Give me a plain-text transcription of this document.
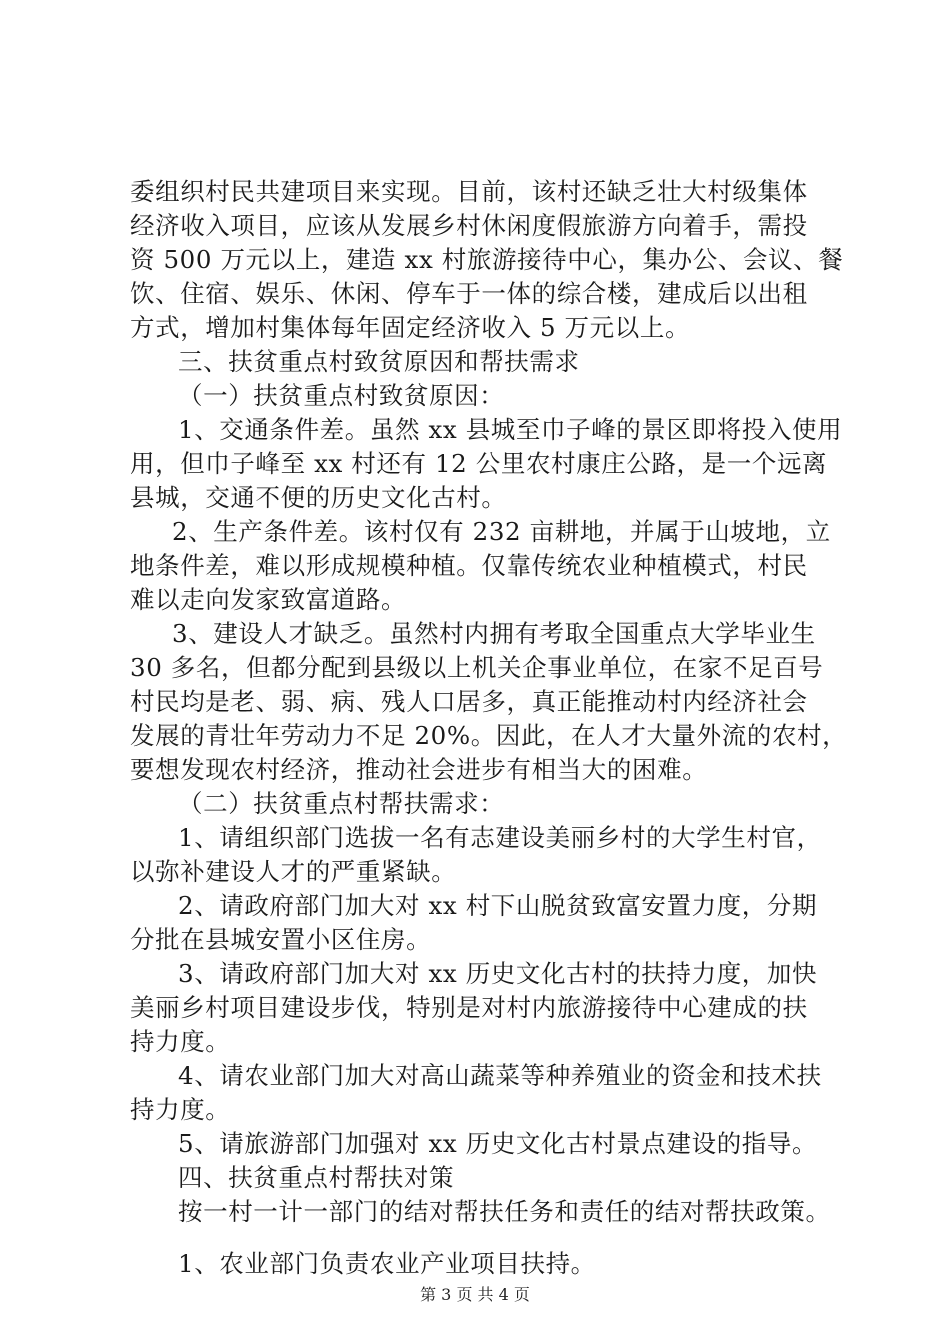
委组织村民共建项目来实现。目前，该村还缺乏壮大村级集体
经济收入项目，应该从发展乡村休闲度假旅游方向着手，需投
资 500 万元以上，建造 xx 村旅游接待中心，集办公、会议、餐
饮、住宿、娱乐、休闲、停车于一体的综合楼，建成后以出租
方式，增加村集体每年固定经济收入 5 万元以上。
三、扶贫重点村致贫原因和帮扶需求
（一）扶贫重点村致贫原因：
1、交通条件差。虽然 xx 县城至巾子峰的景区即将投入使用
用，但巾子峰至 xx 村还有 12 公里农村康庄公路，是一个远离
县城，交通不便的历史文化古村。
2、生产条件差。该村仅有 232 亩耕地，并属于山坡地，立
地条件差，难以形成规模种植。仅靠传统农业种植模式，村民
难以走向发家致富道路。
3、建设人才缺乏。虽然村内拥有考取全国重点大学毕业生
30 多名，但都分配到县级以上机关企事业单位，在家不足百号
村民均是老、弱、病、残人口居多，真正能推动村内经济社会
发展的青壮年劳动力不足 20%。因此，在人才大量外流的农村，
要想发现农村经济，推动社会进步有相当大的困难。
（二）扶贫重点村帮扶需求：
1、请组织部门选拔一名有志建设美丽乡村的大学生村官，
以弥补建设人才的严重紧缺。
2、请政府部门加大对 xx 村下山脱贫致富安置力度，分期
分批在县城安置小区住房。
3、请政府部门加大对 xx 历史文化古村的扶持力度，加快
美丽乡村项目建设步伐，特别是对村内旅游接待中心建成的扶
持力度。
4、请农业部门加大对高山蔬菜等种养殖业的资金和技术扶
持力度。
5、请旅游部门加强对 xx 历史文化古村景点建设的指导。
四、扶贫重点村帮扶对策
按一村一计一部门的结对帮扶任务和责任的结对帮扶政策。
1、农业部门负责农业产业项目扶持。
第 3 页 共 4 页
